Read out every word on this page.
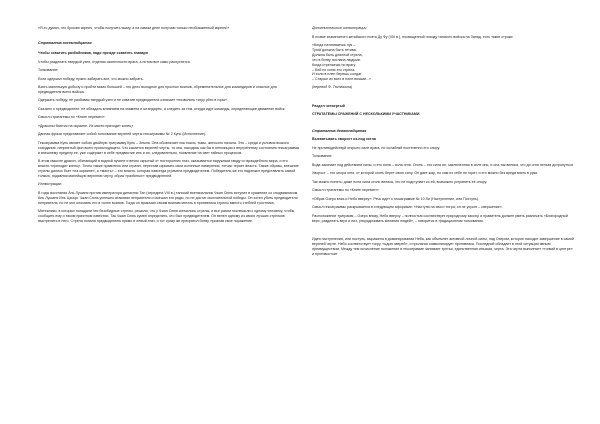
«Я-то думал, что бросаю кирпич, чтобы получить яшму, а на самом деле получаю только необожженный кирпич!»

Стратагема восемнадцатая

Чтобы схватить разбойников, надо прежде схватить главаря

Чтобы разделать твердый узел, отделяя оконечности врага, а потом все само распустится.

Толкование:

Если одержал победу, нужно забирать все, что можно забрать.

Взять маленькую добычу и пройти мимо большей – это дело выгодное для простых воинов, обременительное для командиров и опасное для предводителя всего войска.

Одержать победу, не разбивая твердый узел и не схватив предводителя означает «позволить тигру уйти в горы».

Сказано о предводителе: не обладать влиянием на знамена и штандарты, а следить за тем, откуда идут команды, определяющие движение войск.

Смысл стратагемы по «Книге перемен»:

«Драконы бьются на окраине. Их масти приходит конец»

Данная фраза представляет собой толкование верхней черты гексаграммы № 2 Кунь (Исполнение).

Гексаграмма Кунь являет собою двойную триграмму Кунь – Земля. Она обозначает пик покоя, тьмы, женского начала. Это – среда и условия всякого созидания, неприятый фон всего происходящего. Что касается верхней черты, то она, находясь как бы в оппозиции к внутреннему состоянию гексаграммы и внешнему пределу ее, уже содержит в себе предвестие инь и ян, следовательно, появление на свет тайных процессов.

В этом смысле дракон, обитающий в водной пучине и вечно скрытый от посторонних глаз, оказывается наружным свиду со враждебного мира, и его власти «приходит конец». Точно также правитель или стратег, перестав скрывать свои истинные намерения, тотчас теряет власть. Также образы, внешние стрелы далеко бьет «на окраине», а «масть» – это власть, которая навсегда утрачена предводителем. Победитель же его надлежит представлять самой толкью, подавляя малейшую верхнюю черту, образ «разбитых» предводителей.

Иллюстрации:

В годы восстания Ань Лушаня против императора династии Тан (середина VIII в.) танский военачальник Чжан Сюнь вступил в сражение со сподвижником Ань Лушаня Инь Цзыци. Чжан Сюнь успешно атаковал неприятеля и смешал его ряды, но не достиг окончательной победы. Он хотел убить предводителя неприятеля, но не мог опознать его в толпе воинов. Тогда он приказал своим воинам метать в противника стрелы вместо стеблей тростника.

Мятежники, в которых попадали эти безобидные стрелы, решили, что у Чжан Сюня кончились стрелы, и все разом поспешили к одному человеку, чтобы сообщить ему о таком приятном известии. Так Чжан Сюнь сумел определить, кто был предводителем. Он велел одному из своих лучших стрелков выстрелить в него. Стрела попала предводителю прямо в левый глаз, и тот сразу же прекратил битву, признав свое поражение.

Дополнительные иллюстрации:

В поэме знаменитого китайского поэта Ду Фу (VIII в.), посвященной походу танского войска на Запад, есть такие строки:

«Когда натягиваешь лук –

Тугой должна быть тетива.

Должна быть длинной стрела,

что в битву послана людьми.

Когда стреляешь по врагу

– Бей по коню его стрела.

И если в плен берешь солдат

– Старше их всех в плен возьми...»

(перевод Ф. Тютюкина)

Раздел четвертый

СТРАТАГЕМЫ СРАЖЕНИЙ С НЕСКОЛЬКИМИ УЧАСТНИКАМИ

Стратагема девятнадцатая

Выхватывать хворост из-под котла

Не противодействуй открыто силе врага, но ослабляй постепенно его опору.

Толкование:

Вода закипает под действием силы, и это сила – сила огня. Огонь – это сила ян, заключенная в силе инь, и она так велика, что до огня нельзя дотронуться.

Хворост – это опора огня, от которой огонь берет свою силу. Он дает жар, но сам по себе не горит, и его можно без вреда взять в руки.

Так можно понять: даже если сила столь велика, что не подступает ко ей, возможно устранить ее опору.

Смысл стратагемы по «Книге перемен»:

«Образ Озеро вниз и Небо вверху». Речь идет о гексаграмме № 10 Ли (Наступление, или Поступь).

Смысл гексаграммы раскрывается в следующем афоризме: «Наступи на хвост тигра; он не укусит – свершение».

Расположение триграмм – Озеро внизу, Небо вверху – полностью соотвествует природному закону, и правитель должен уметь различать «Благородный верх, разделять верх и низ, упорядочивать желания людей», – говорится в традиционном толковании.

Идея наступления, или поступь, выражена в доминировании Неба, как объемлет активной личной силы, над Озером, которое находит завершение в самой верхней черте. Небо соответствует тигру, «царю зверей», и прилагая символизирует противника. Последний обладает в этой ситуации явным преимуществом. Между тем исчисление положение в гексаграмме занимает третья, единственная иньская, черта. Эта черта выполняет «тонкий в центре» и противостоит
